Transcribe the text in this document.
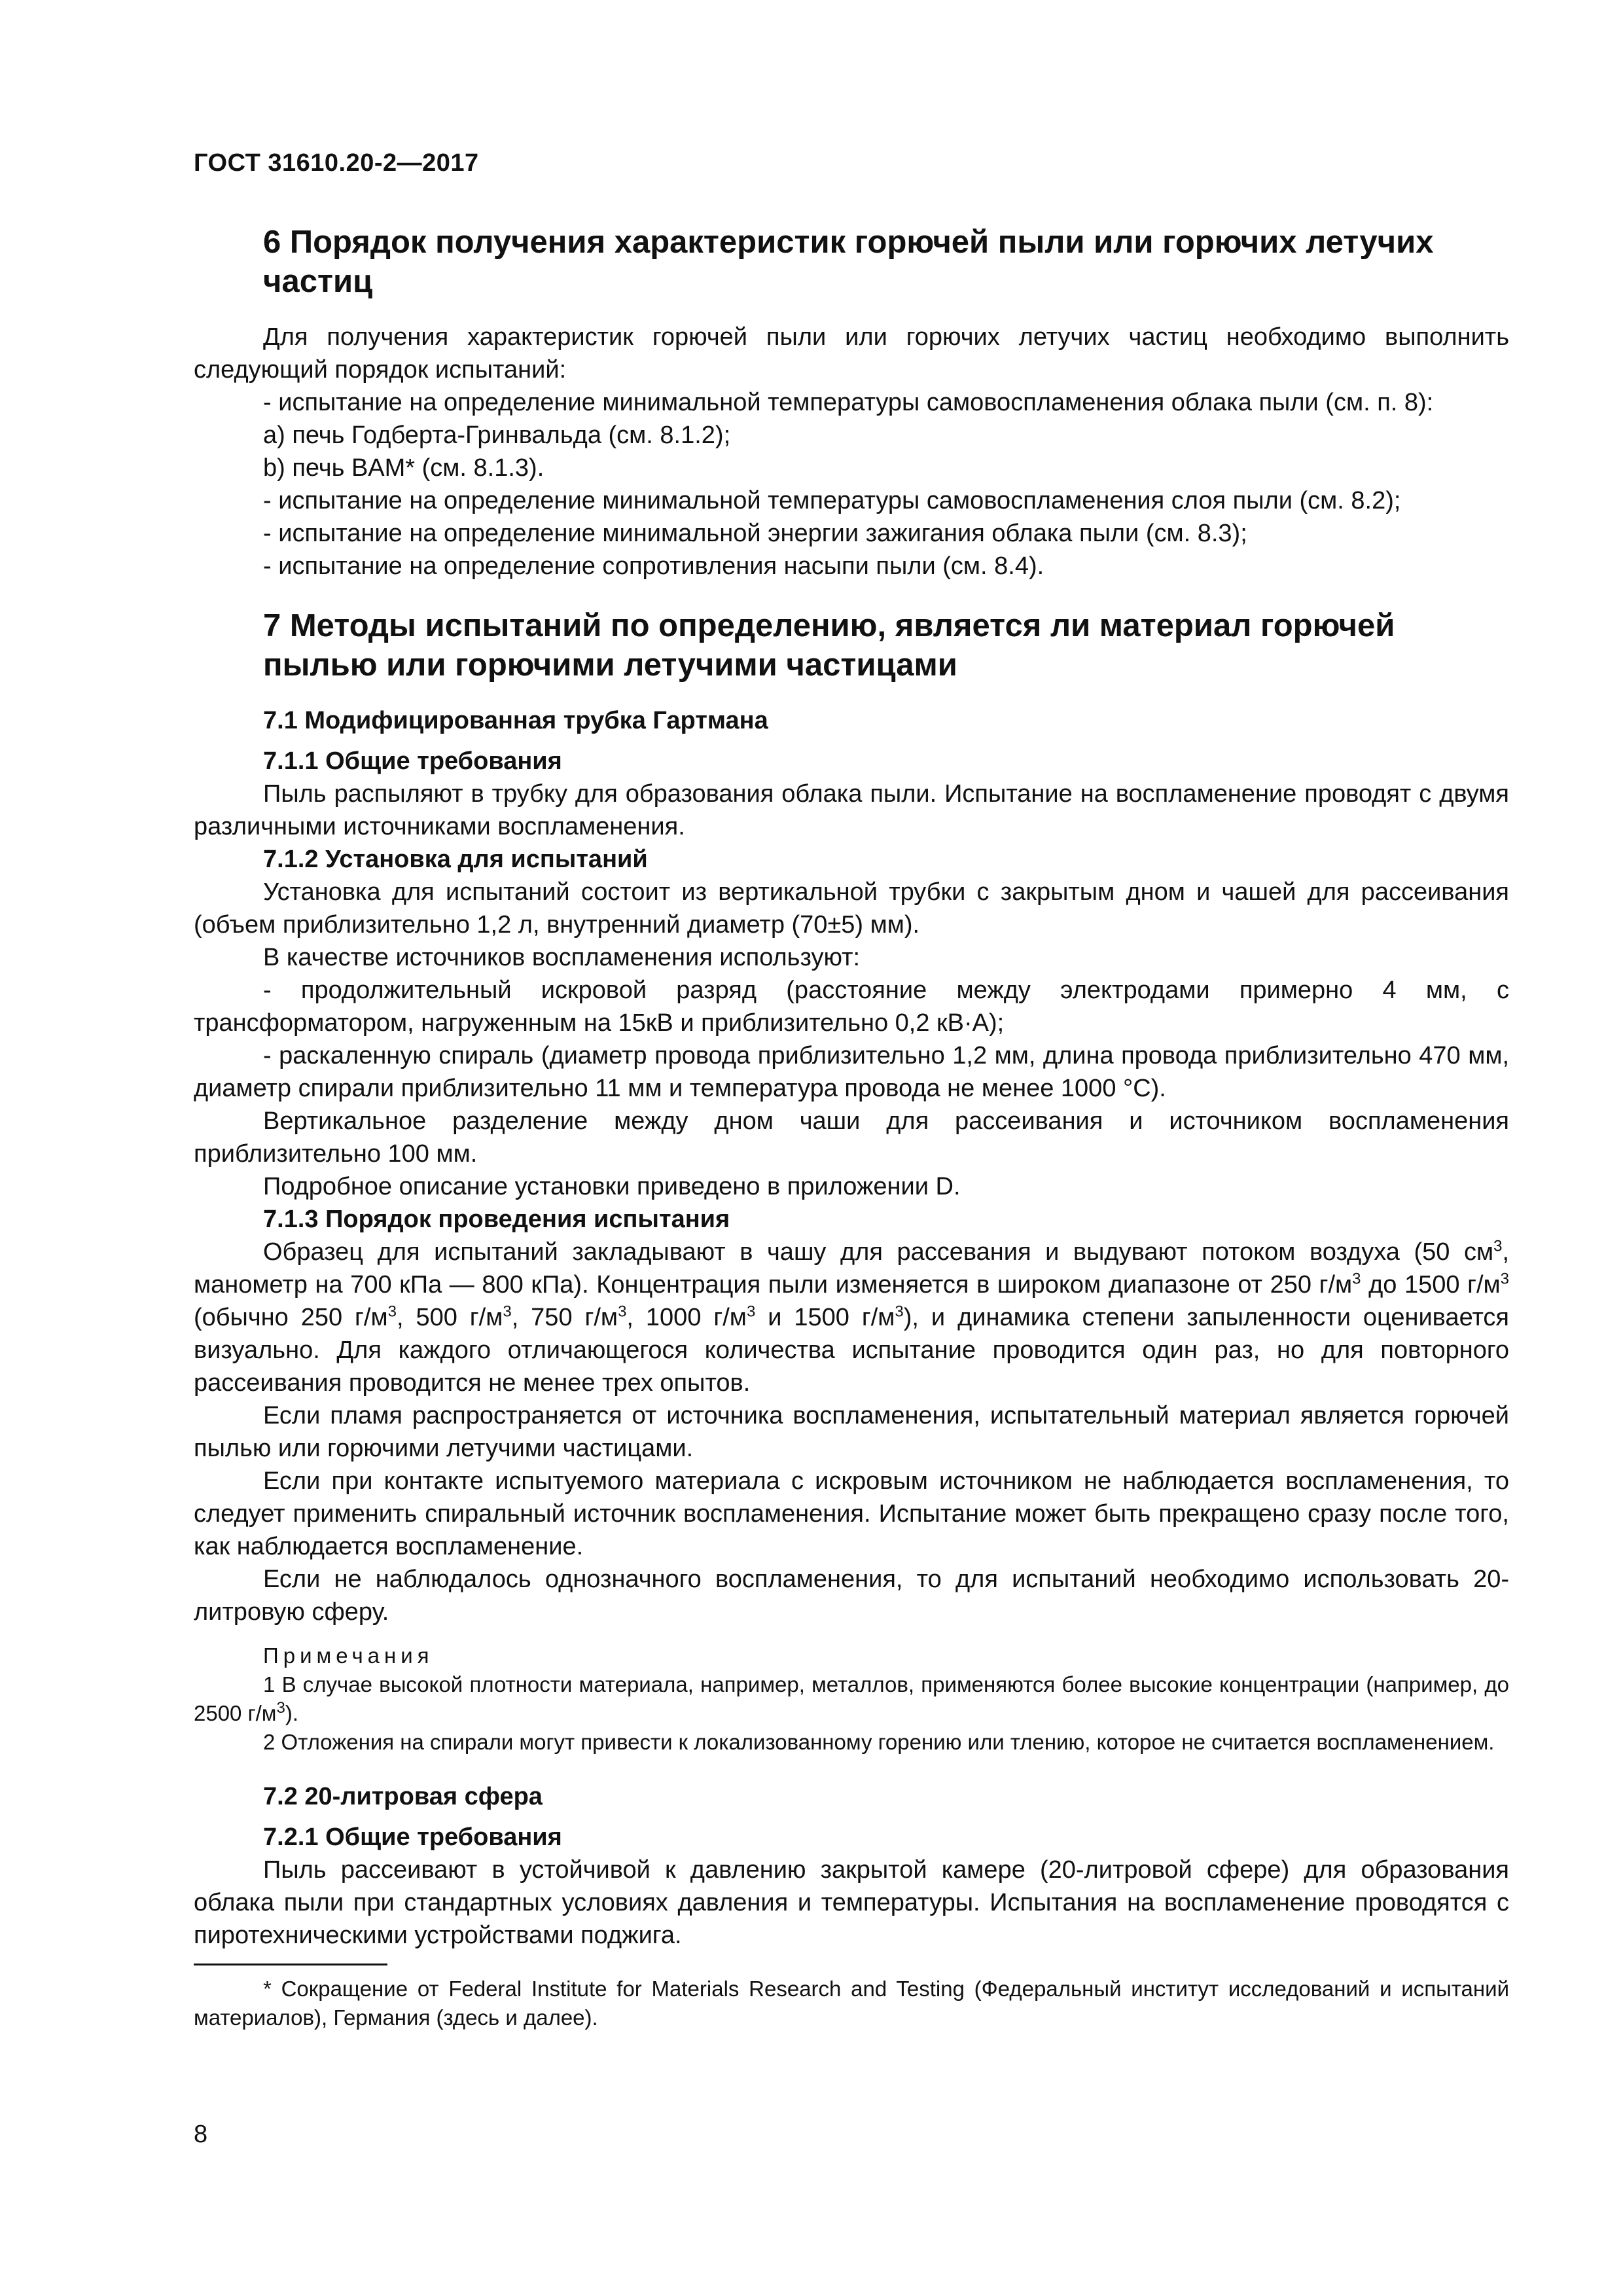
ГОСТ 31610.20-2—2017
6 Порядок получения характеристик горючей пыли или горючих летучих частиц

Для получения характеристик горючей пыли или горючих летучих частиц необходимо выполнить следующий порядок испытаний:

- испытание на определение минимальной температуры самовоспламенения облака пыли (см. п. 8):

a) печь Годберта-Гринвальда (см. 8.1.2);

b) печь BAM* (см. 8.1.3).

- испытание на определение минимальной температуры самовоспламенения слоя пыли (см. 8.2);

- испытание на определение минимальной энергии зажигания облака пыли (см. 8.3);

- испытание на определение сопротивления насыпи пыли (см. 8.4).

7 Методы испытаний по определению, является ли материал горючей пылью или горючими летучими частицами
7.1 Модифицированная трубка Гартмана
7.1.1 Общие требования

Пыль распыляют в трубку для образования облака пыли. Испытание на воспламенение проводят с двумя различными источниками воспламенения.

7.1.2 Установка для испытаний

Установка для испытаний состоит из вертикальной трубки с закрытым дном и чашей для рассеивания (объем приблизительно 1,2 л, внутренний диаметр (70±5) мм).

В качестве источников воспламенения используют:

- продолжительный искровой разряд (расстояние между электродами примерно 4 мм, с трансформатором, нагруженным на 15кВ и приблизительно 0,2 кВ·А);

- раскаленную спираль (диаметр провода приблизительно 1,2 мм, длина провода приблизительно 470 мм, диаметр спирали приблизительно 11 мм и температура провода не менее 1000 °С).

Вертикальное разделение между дном чаши для рассеивания и источником воспламенения приблизительно 100 мм.

Подробное описание установки приведено в приложении D.

7.1.3 Порядок проведения испытания

Образец для испытаний закладывают в чашу для рассевания и выдувают потоком воздуха (50 $см^3$, манометр на 700 кПа — 800 кПа). Концентрация пыли изменяется в широком диапазоне от 250 $г/м^3$ до 1500 $г/м^3$ (обычно 250 $г/м^3$, 500 $г/м^3$, 750 $г/м^3$, 1000 $г/м^3$ и 1500 $г/м^3$), и динамика степени запыленности оценивается визуально. Для каждого отличающегося количества испытание проводится один раз, но для повторного рассеивания проводится не менее трех опытов.

Если пламя распространяется от источника воспламенения, испытательный материал является горючей пылью или горючими летучими частицами.

Если при контакте испытуемого материала с искровым источником не наблюдается воспламенения, то следует применить спиральный источник воспламенения. Испытание может быть прекращено сразу после того, как наблюдается воспламенение.

Если не наблюдалось однозначного воспламенения, то для испытаний необходимо использовать 20-литровую сферу.

Примечания

1 В случае высокой плотности материала, например, металлов, применяются более высокие концентрации (например, до 2500 $г/м^3$).

2 Отложения на спирали могут привести к локализованному горению или тлению, которое не считается воспламенением.

7.2 20-литровая сфера
7.2.1 Общие требования

Пыль рассеивают в устойчивой к давлению закрытой камере (20-литровой сфере) для образования облака пыли при стандартных условиях давления и температуры. Испытания на воспламенение проводятся с пиротехническими устройствами поджига.

* Сокращение от Federal Institute for Materials Research and Testing (Федеральный институт исследований и испытаний материалов), Германия (здесь и далее).

8
